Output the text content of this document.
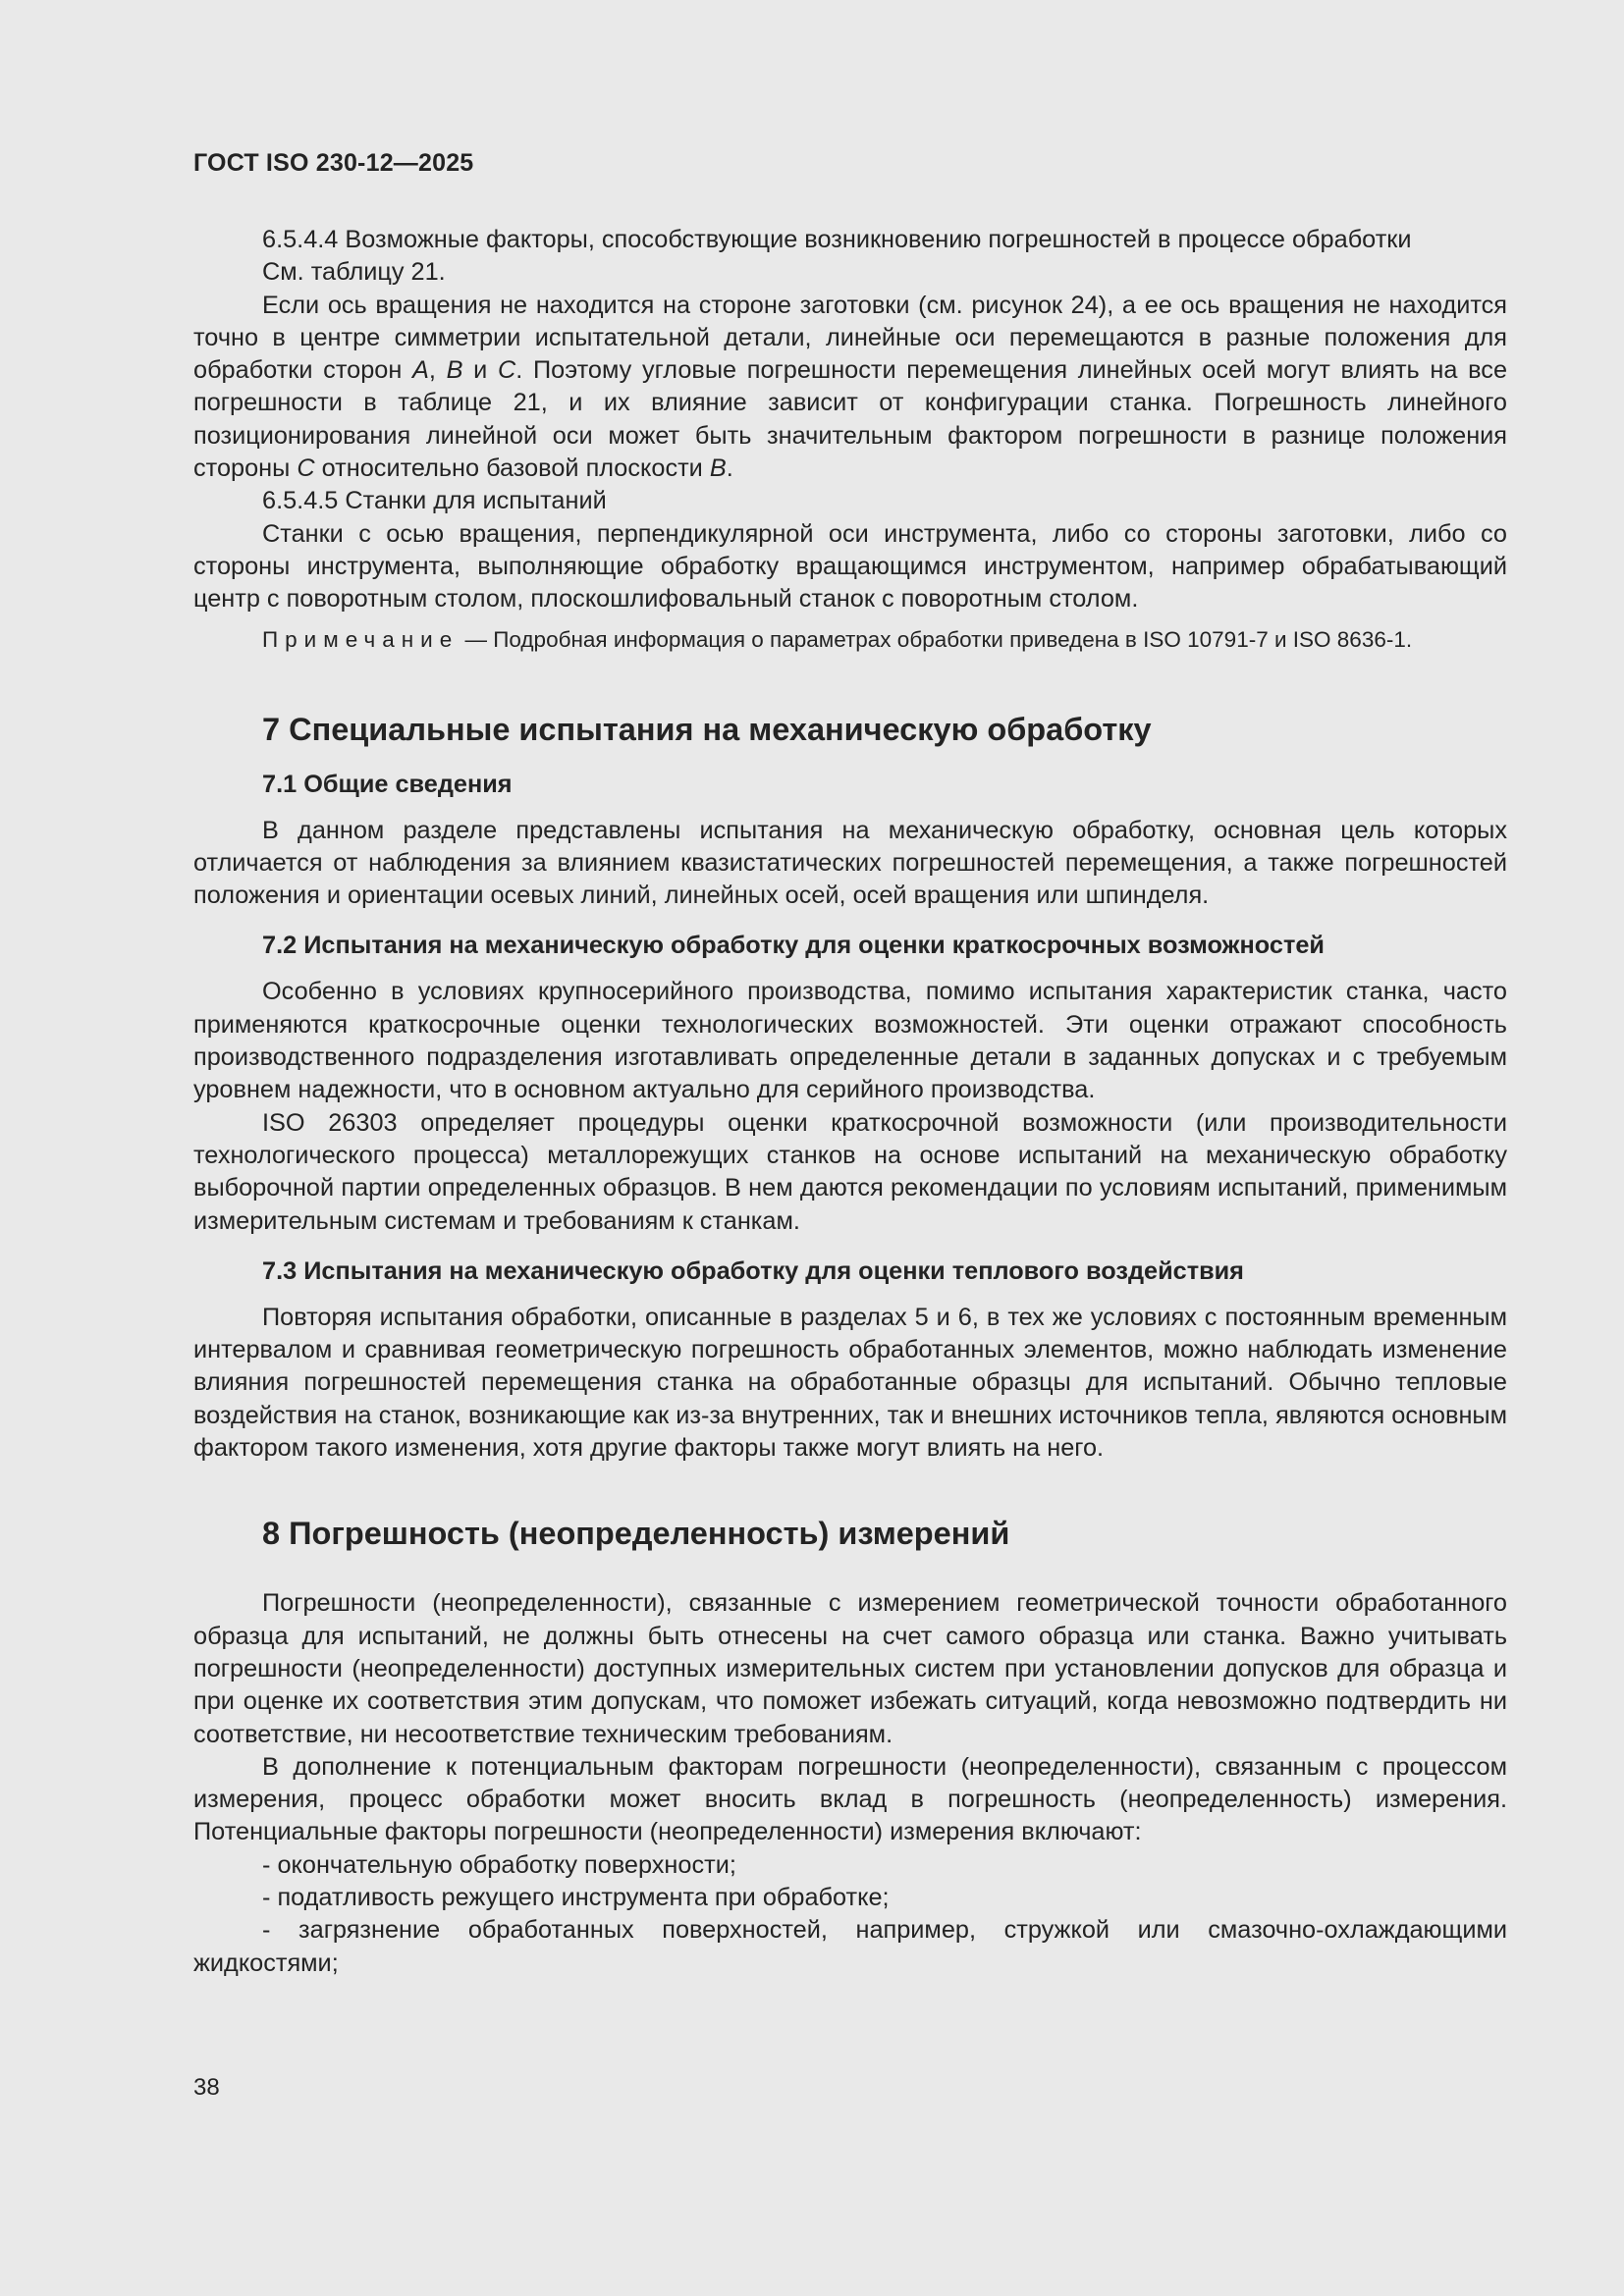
ГОСТ ISO 230-12—2025

6.5.4.4 Возможные факторы, способствующие возникновению погрешностей в процессе обработки

См. таблицу 21.

Если ось вращения не находится на стороне заготовки (см. рисунок 24), а ее ось вращения не находится точно в центре симметрии испытательной детали, линейные оси перемещаются в разные положения для обработки сторон A, B и C. Поэтому угловые погрешности перемещения линейных осей могут влиять на все погрешности в таблице 21, и их влияние зависит от конфигурации станка. Погрешность линейного позиционирования линейной оси может быть значительным фактором погрешности в разнице положения стороны C относительно базовой плоскости B.

6.5.4.5 Станки для испытаний

Станки с осью вращения, перпендикулярной оси инструмента, либо со стороны заготовки, либо со стороны инструмента, выполняющие обработку вращающимся инструментом, например обрабатывающий центр с поворотным столом, плоскошлифовальный станок с поворотным столом.

Примечание — Подробная информация о параметрах обработки приведена в ISO 10791-7 и ISO 8636-1.

7 Специальные испытания на механическую обработку
7.1 Общие сведения

В данном разделе представлены испытания на механическую обработку, основная цель которых отличается от наблюдения за влиянием квазистатических погрешностей перемещения, а также погрешностей положения и ориентации осевых линий, линейных осей, осей вращения или шпинделя.

7.2 Испытания на механическую обработку для оценки краткосрочных возможностей

Особенно в условиях крупносерийного производства, помимо испытания характеристик станка, часто применяются краткосрочные оценки технологических возможностей. Эти оценки отражают способность производственного подразделения изготавливать определенные детали в заданных допусках и с требуемым уровнем надежности, что в основном актуально для серийного производства.

ISO 26303 определяет процедуры оценки краткосрочной возможности (или производительности технологического процесса) металлорежущих станков на основе испытаний на механическую обработку выборочной партии определенных образцов. В нем даются рекомендации по условиям испытаний, применимым измерительным системам и требованиям к станкам.

7.3 Испытания на механическую обработку для оценки теплового воздействия

Повторяя испытания обработки, описанные в разделах 5 и 6, в тех же условиях с постоянным временным интервалом и сравнивая геометрическую погрешность обработанных элементов, можно наблюдать изменение влияния погрешностей перемещения станка на обработанные образцы для испытаний. Обычно тепловые воздействия на станок, возникающие как из-за внутренних, так и внешних источников тепла, являются основным фактором такого изменения, хотя другие факторы также могут влиять на него.

8 Погрешность (неопределенность) измерений

Погрешности (неопределенности), связанные с измерением геометрической точности обработанного образца для испытаний, не должны быть отнесены на счет самого образца или станка. Важно учитывать погрешности (неопределенности) доступных измерительных систем при установлении допусков для образца и при оценке их соответствия этим допускам, что поможет избежать ситуаций, когда невозможно подтвердить ни соответствие, ни несоответствие техническим требованиям.

В дополнение к потенциальным факторам погрешности (неопределенности), связанным с процессом измерения, процесс обработки может вносить вклад в погрешность (неопределенность) измерения. Потенциальные факторы погрешности (неопределенности) измерения включают:

- окончательную обработку поверхности;

- податливость режущего инструмента при обработке;

- загрязнение обработанных поверхностей, например, стружкой или смазочно-охлаждающими жидкостями;

38
